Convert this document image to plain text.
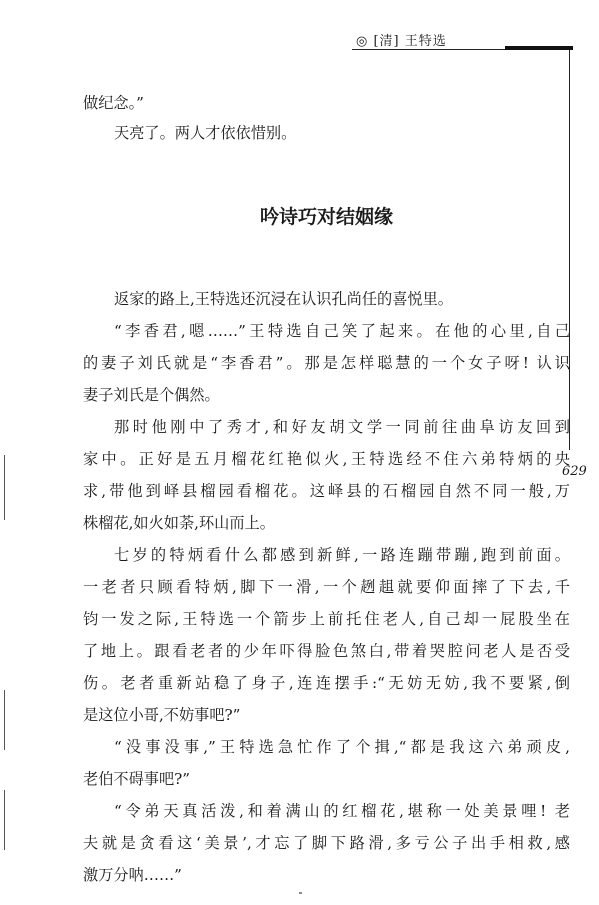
◎ [清] 王特选
629
吟诗巧对结姻缘
做纪念。”
天亮了。两人才依依惜别。
返家的路上,王特选还沉浸在认识孔尚任的喜悦里。
“李香君,嗯……”王特选自己笑了起来。在他的心里,自己
的妻子刘氏就是“李香君”。那是怎样聪慧的一个女子呀! 认识
妻子刘氏是个偶然。
那时他刚中了秀才,和好友胡文学一同前往曲阜访友回到
家中。正好是五月榴花红艳似火,王特选经不住六弟特炳的央
求,带他到峄县榴园看榴花。这峄县的石榴园自然不同一般,万
株榴花,如火如荼,环山而上。
七岁的特炳看什么都感到新鲜,一路连蹦带蹦,跑到前面。
一老者只顾看特炳,脚下一滑,一个趔趄就要仰面摔了下去,千
钧一发之际,王特选一个箭步上前托住老人,自己却一屁股坐在
了地上。跟看老者的少年吓得脸色煞白,带着哭腔问老人是否受
伤。老者重新站稳了身子,连连摆手:“无妨无妨,我不要紧,倒
是这位小哥,不妨事吧?”
“没事没事,”王特选急忙作了个揖,“都是我这六弟顽皮,
老伯不碍事吧?”
“令弟天真活泼,和着满山的红榴花,堪称一处美景哩! 老
夫就是贪看这‘美景’,才忘了脚下路滑,多亏公子出手相救,感
激万分呐……”
